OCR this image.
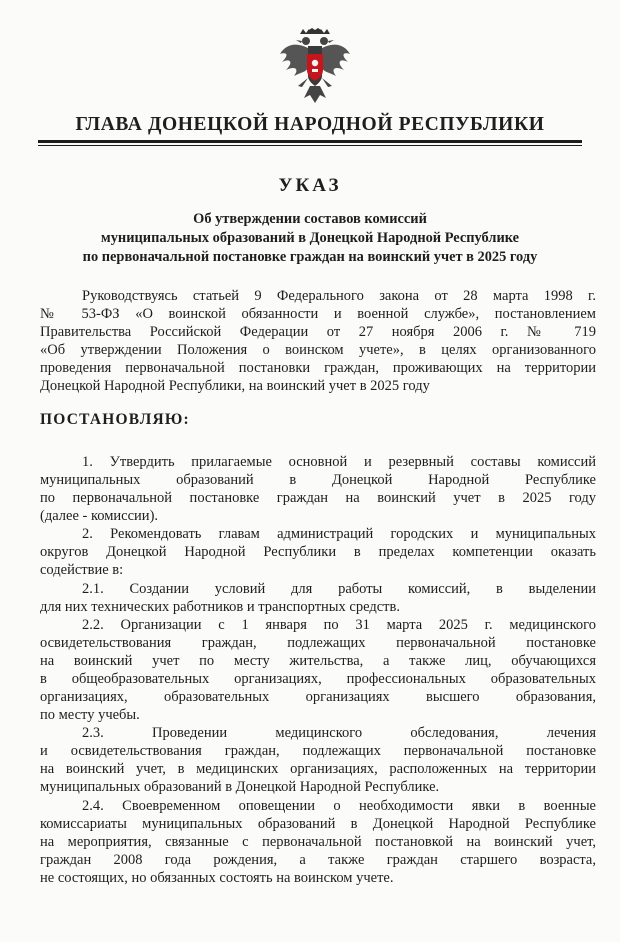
ГЛАВА ДОНЕЦКОЙ НАРОДНОЙ РЕСПУБЛИКИ
УКАЗ
Об утверждении составов комиссий
муниципальных образований в Донецкой Народной Республике
по первоначальной постановке граждан на воинский учет в 2025 году
Руководствуясь статьей 9 Федерального закона от 28 марта 1998 г.
№ 53-ФЗ «О воинской обязанности и военной службе», постановлением
Правительства Российской Федерации от 27 ноября 2006 г. № 719
«Об утверждении Положения о воинском учете», в целях организованного
проведения первоначальной постановки граждан, проживающих на территории
Донецкой Народной Республики, на воинский учет в 2025 году
ПОСТАНОВЛЯЮ:
1. Утвердить прилагаемые основной и резервный составы комиссий
муниципальных образований в Донецкой Народной Республике
по первоначальной постановке граждан на воинский учет в 2025 году
(далее - комиссии).
2. Рекомендовать главам администраций городских и муниципальных
округов Донецкой Народной Республики в пределах компетенции оказать
содействие в:
2.1. Создании условий для работы комиссий, в выделении
для них технических работников и транспортных средств.
2.2. Организации с 1 января по 31 марта 2025 г. медицинского
освидетельствования граждан, подлежащих первоначальной постановке
на воинский учет по месту жительства, а также лиц, обучающихся
в общеобразовательных организациях, профессиональных образовательных
организациях, образовательных организациях высшего образования,
по месту учебы.
2.3. Проведении медицинского обследования, лечения
и освидетельствования граждан, подлежащих первоначальной постановке
на воинский учет, в медицинских организациях, расположенных на территории
муниципальных образований в Донецкой Народной Республике.
2.4. Своевременном оповещении о необходимости явки в военные
комиссариаты муниципальных образований в Донецкой Народной Республике
на мероприятия, связанные с первоначальной постановкой на воинский учет,
граждан 2008 года рождения, а также граждан старшего возраста,
не состоящих, но обязанных состоять на воинском учете.
